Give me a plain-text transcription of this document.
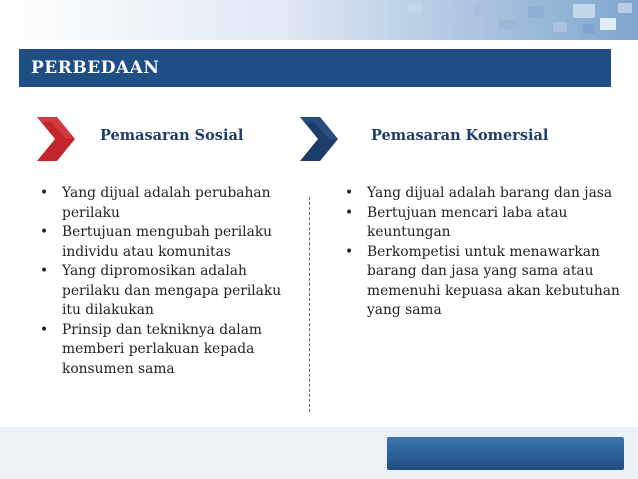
PERBEDAAN
Pemasaran Sosial	Pemasaran Komersial
• Yang dijual adalah perubahan perilaku
• Bertujuan mengubah perilaku individu atau komunitas
• Yang dipromosikan adalah perilaku dan mengapa perilaku itu dilakukan
• Prinsip dan tekniknya dalam memberi perlakuan kepada konsumen sama
• Yang dijual adalah barang dan jasa
• Bertujuan mencari laba atau keuntungan
• Berkompetisi untuk menawarkan barang dan jasa yang sama atau memenuhi kepuasa akan kebutuhan yang sama
